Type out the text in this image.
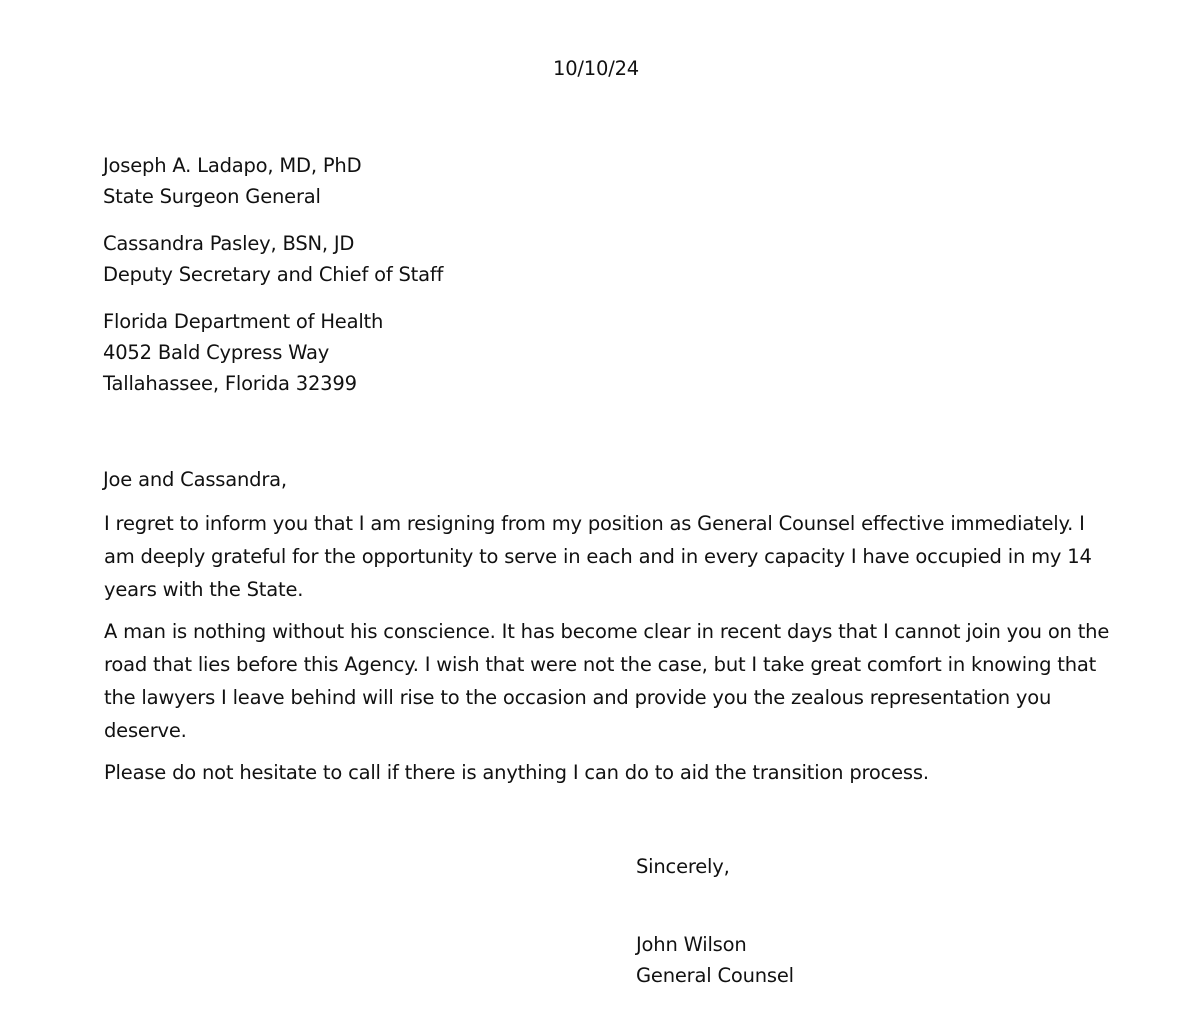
10/10/24
Joseph A. Ladapo, MD, PhD
State Surgeon General
Cassandra Pasley, BSN, JD
Deputy Secretary and Chief of Staff
Florida Department of Health
4052 Bald Cypress Way
Tallahassee, Florida 32399
Joe and Cassandra,
I regret to inform you that I am resigning from my position as General Counsel effective immediately. I
am deeply grateful for the opportunity to serve in each and in every capacity I have occupied in my 14
years with the State.
A man is nothing without his conscience. It has become clear in recent days that I cannot join you on the
road that lies before this Agency. I wish that were not the case, but I take great comfort in knowing that
the lawyers I leave behind will rise to the occasion and provide you the zealous representation you
deserve.
Please do not hesitate to call if there is anything I can do to aid the transition process.
Sincerely,
John Wilson
General Counsel
